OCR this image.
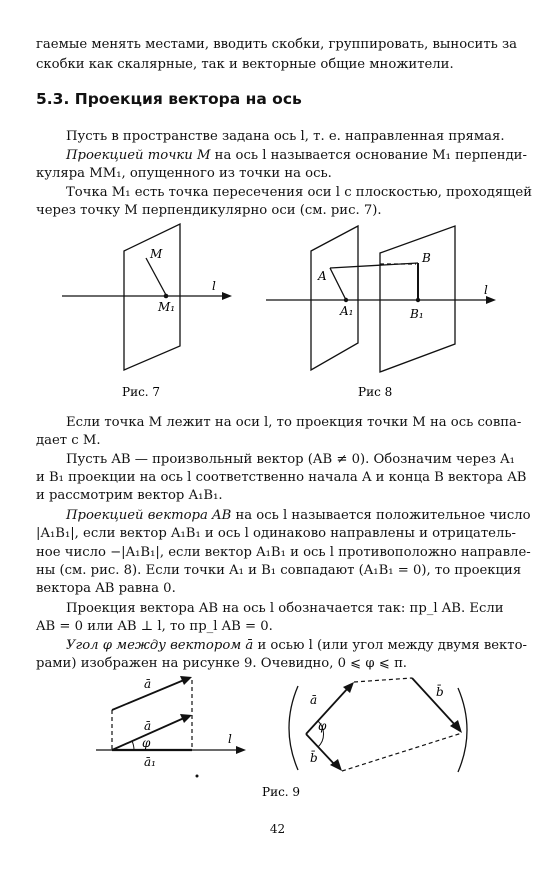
гаемые менять местами, вводить скобки, группировать, выносить за
скобки как скалярные, так и векторные общие множители.
5.3. Проекция вектора на ось
Пусть в пространстве задана ось l, т. е. направленная прямая.
Проекцией точки M на ось l называется основание M₁ перпенди-
куляра MM₁, опущенного из точки на ось.
Точка M₁ есть точка пересечения оси l с плоскостью, проходящей
через точку M перпендикулярно оси (см. рис. 7).
M
M₁
l
A
B
A₁	B₁
l
Рис. 7	Рис 8
Если точка M лежит на оси l, то проекция точки M на ось совпа-
дает с M.
Пусть AB — произвольный вектор (AB ≠ 0). Обозначим через A₁
и B₁ проекции на ось l соответственно начала A и конца B вектора AB
и рассмотрим вектор A₁B₁.
Проекцией вектора AB на ось l называется положительное число
|A₁B₁|, если вектор A₁B₁ и ось l одинаково направлены и отрицатель-
ное число −|A₁B₁|, если вектор A₁B₁ и ось l противоположно направле-
ны (см. рис. 8). Если точки A₁ и B₁ совпадают (A₁B₁ = 0), то проекция
вектора AB равна 0.
Проекция вектора AB на ось l обозначается так: пр_l AB. Если
AB = 0 или AB ⊥ l, то пр_l AB = 0.
Угол φ между вектором ā и осью l (или угол между двумя векто-
рами) изображен на рисунке 9. Очевидно, 0 ⩽ φ ⩽ π.
ā
ā
φ
ā₁
l
ā
φ
b̄
b̄
Рис. 9
42
